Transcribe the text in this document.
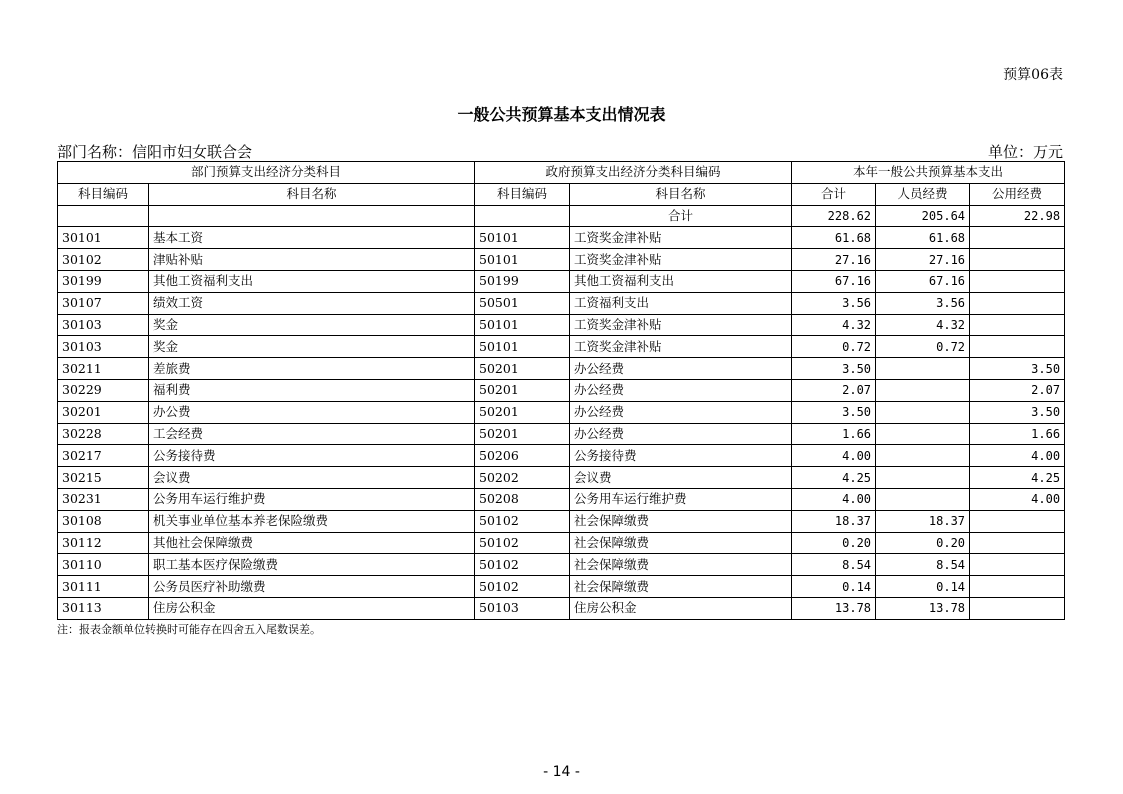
预算06表
一般公共预算基本支出情况表
部门名称：信阳市妇女联合会	单位：万元
部门预算支出经济分类科目		政府预算支出经济分类科目编码		本年一般公共预算基本支出		
科目编码	科目名称	科目编码	科目名称	合计	人员经费	公用经费
			合计	228.62	205.64	22.98
30101	基本工资	50101	工资奖金津补贴	61.68	61.68	
30102	津贴补贴	50101	工资奖金津补贴	27.16	27.16	
30199	其他工资福利支出	50199	其他工资福利支出	67.16	67.16	
30107	绩效工资	50501	工资福利支出	3.56	3.56	
30103	奖金	50101	工资奖金津补贴	4.32	4.32	
30103	奖金	50101	工资奖金津补贴	0.72	0.72	
30211	差旅费	50201	办公经费	3.50		3.50
30229	福利费	50201	办公经费	2.07		2.07
30201	办公费	50201	办公经费	3.50		3.50
30228	工会经费	50201	办公经费	1.66		1.66
30217	公务接待费	50206	公务接待费	4.00		4.00
30215	会议费	50202	会议费	4.25		4.25
30231	公务用车运行维护费	50208	公务用车运行维护费	4.00		4.00
30108	机关事业单位基本养老保险缴费	50102	社会保障缴费	18.37	18.37	
30112	其他社会保障缴费	50102	社会保障缴费	0.20	0.20	
30110	职工基本医疗保险缴费	50102	社会保障缴费	8.54	8.54	
30111	公务员医疗补助缴费	50102	社会保障缴费	0.14	0.14	
30113	住房公积金	50103	住房公积金	13.78	13.78	
注：报表金额单位转换时可能存在四舍五入尾数误差。
- 14 -
